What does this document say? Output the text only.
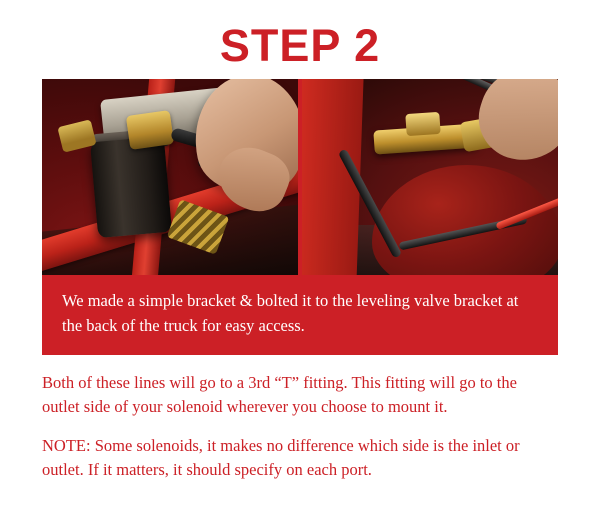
STEP 2
We made a simple bracket & bolted it to the leveling valve bracket at the back of the truck for easy access.

Both of these lines will go to a 3rd “T” fitting. This fitting will go to the outlet side of your solenoid wherever you choose to mount it.

NOTE: Some solenoids, it makes no difference which side is the inlet or outlet. If it matters, it should specify on each port.
